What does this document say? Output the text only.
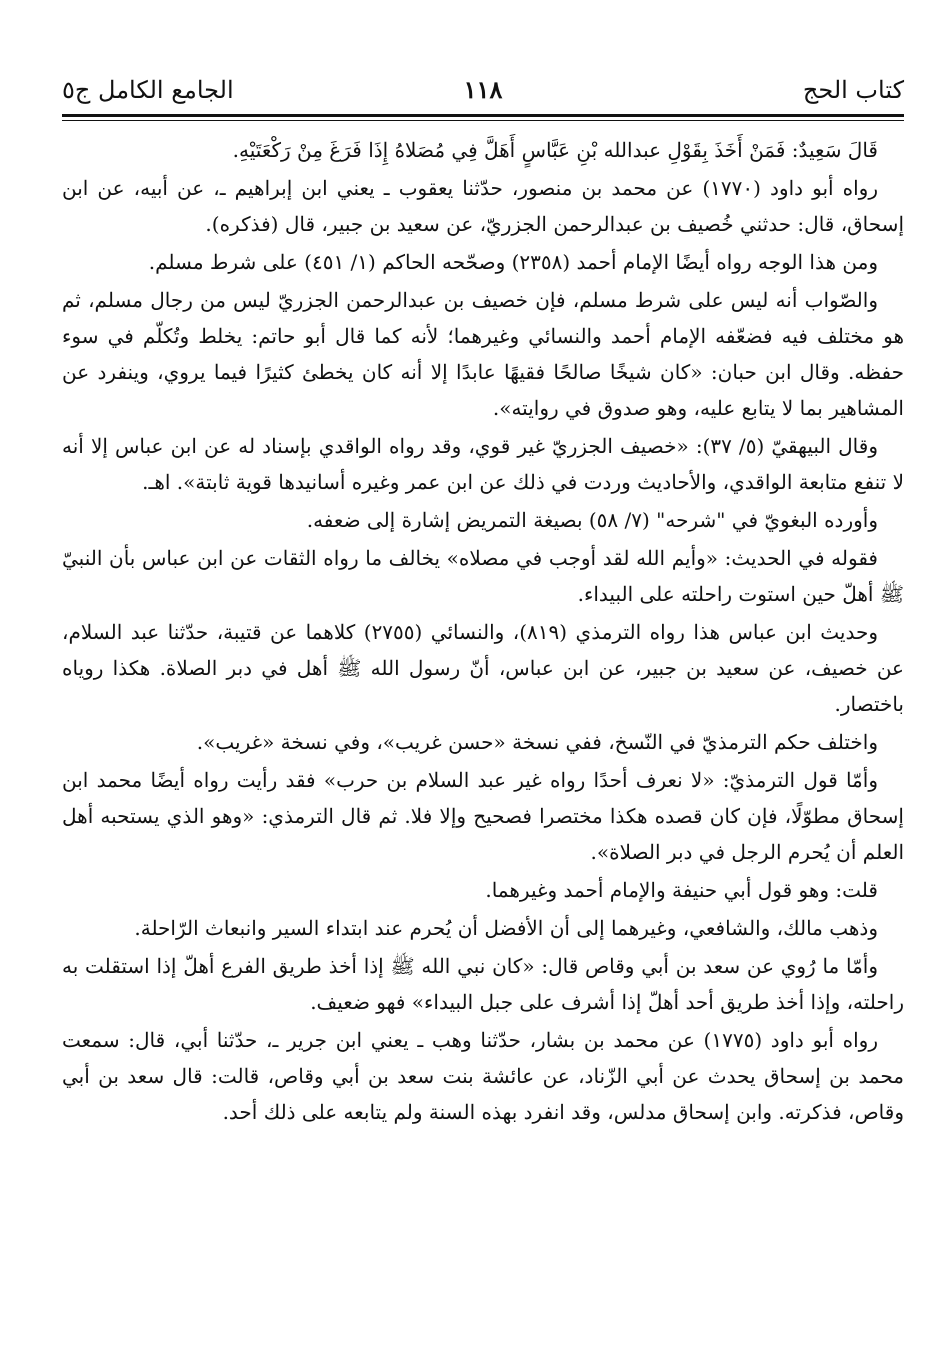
كتاب الحج
١١٨
الجامع الكامل ج٥

قَالَ سَعِيدٌ: فَمَنْ أَخَذَ بِقَوْلِ عبدالله بْنِ عَبَّاسٍ أَهَلَّ فِي مُصَلاهُ إِذَا فَرَغَ مِنْ رَكْعَتَيْهِ.

رواه أبو داود (١٧٧٠) عن محمد بن منصور، حدّثنا يعقوب ـ يعني ابن إبراهيم ـ، عن أبيه، عن ابن إسحاق، قال: حدثني خُصيف بن عبدالرحمن الجزريّ، عن سعيد بن جبير، قال (فذكره).

ومن هذا الوجه رواه أيضًا الإمام أحمد (٢٣٥٨) وصحّحه الحاكم (١/ ٤٥١) على شرط مسلم.

والصّواب أنه ليس على شرط مسلم، فإن خصيف بن عبدالرحمن الجزريّ ليس من رجال مسلم، ثم هو مختلف فيه فضعّفه الإمام أحمد والنسائي وغيرهما؛ لأنه كما قال أبو حاتم: يخلط وتُكلّم في سوء حفظه. وقال ابن حبان: «كان شيخًا صالحًا فقيهًا عابدًا إلا أنه كان يخطئ كثيرًا فيما يروي، وينفرد عن المشاهير بما لا يتابع عليه، وهو صدوق في روايته».

وقال البيهقيّ (٥/ ٣٧): «خصيف الجزريّ غير قوي، وقد رواه الواقدي بإسناد له عن ابن عباس إلا أنه لا تنفع متابعة الواقدي، والأحاديث وردت في ذلك عن ابن عمر وغيره أسانيدها قوية ثابتة». اهـ.

وأورده البغويّ في "شرحه" (٧/ ٥٨) بصيغة التمريض إشارة إلى ضعفه.

فقوله في الحديث: «وأيم الله لقد أوجب في مصلاه» يخالف ما رواه الثقات عن ابن عباس بأن النبيّ ﷺ أهلّ حين استوت راحلته على البيداء.

وحديث ابن عباس هذا رواه الترمذي (٨١٩)، والنسائي (٢٧٥٥) كلاهما عن قتيبة، حدّثنا عبد السلام، عن خصيف، عن سعيد بن جبير، عن ابن عباس، أنّ رسول الله ﷺ أهل في دبر الصلاة. هكذا روياه باختصار.

واختلف حكم الترمذيّ في النّسخ، ففي نسخة «حسن غريب»، وفي نسخة «غريب».

وأمّا قول الترمذيّ: «لا نعرف أحدًا رواه غير عبد السلام بن حرب» فقد رأيت رواه أيضًا محمد ابن إسحاق مطوّلًا، فإن كان قصده هكذا مختصرا فصحيح وإلا فلا. ثم قال الترمذي: «وهو الذي يستحبه أهل العلم أن يُحرم الرجل في دبر الصلاة».

قلت: وهو قول أبي حنيفة والإمام أحمد وغيرهما.

وذهب مالك، والشافعي، وغيرهما إلى أن الأفضل أن يُحرم عند ابتداء السير وانبعاث الرّاحلة.

وأمّا ما رُوي عن سعد بن أبي وقاص قال: «كان نبي الله ﷺ إذا أخذ طريق الفرع أهلّ إذا استقلت به راحلته، وإذا أخذ طريق أحد أهلّ إذا أشرف على جبل البيداء» فهو ضعيف.

رواه أبو داود (١٧٧٥) عن محمد بن بشار، حدّثنا وهب ـ يعني ابن جرير ـ، حدّثنا أبي، قال: سمعت محمد بن إسحاق يحدث عن أبي الزّناد، عن عائشة بنت سعد بن أبي وقاص، قالت: قال سعد بن أبي وقاص، فذكرته. وابن إسحاق مدلس، وقد انفرد بهذه السنة ولم يتابعه على ذلك أحد.
